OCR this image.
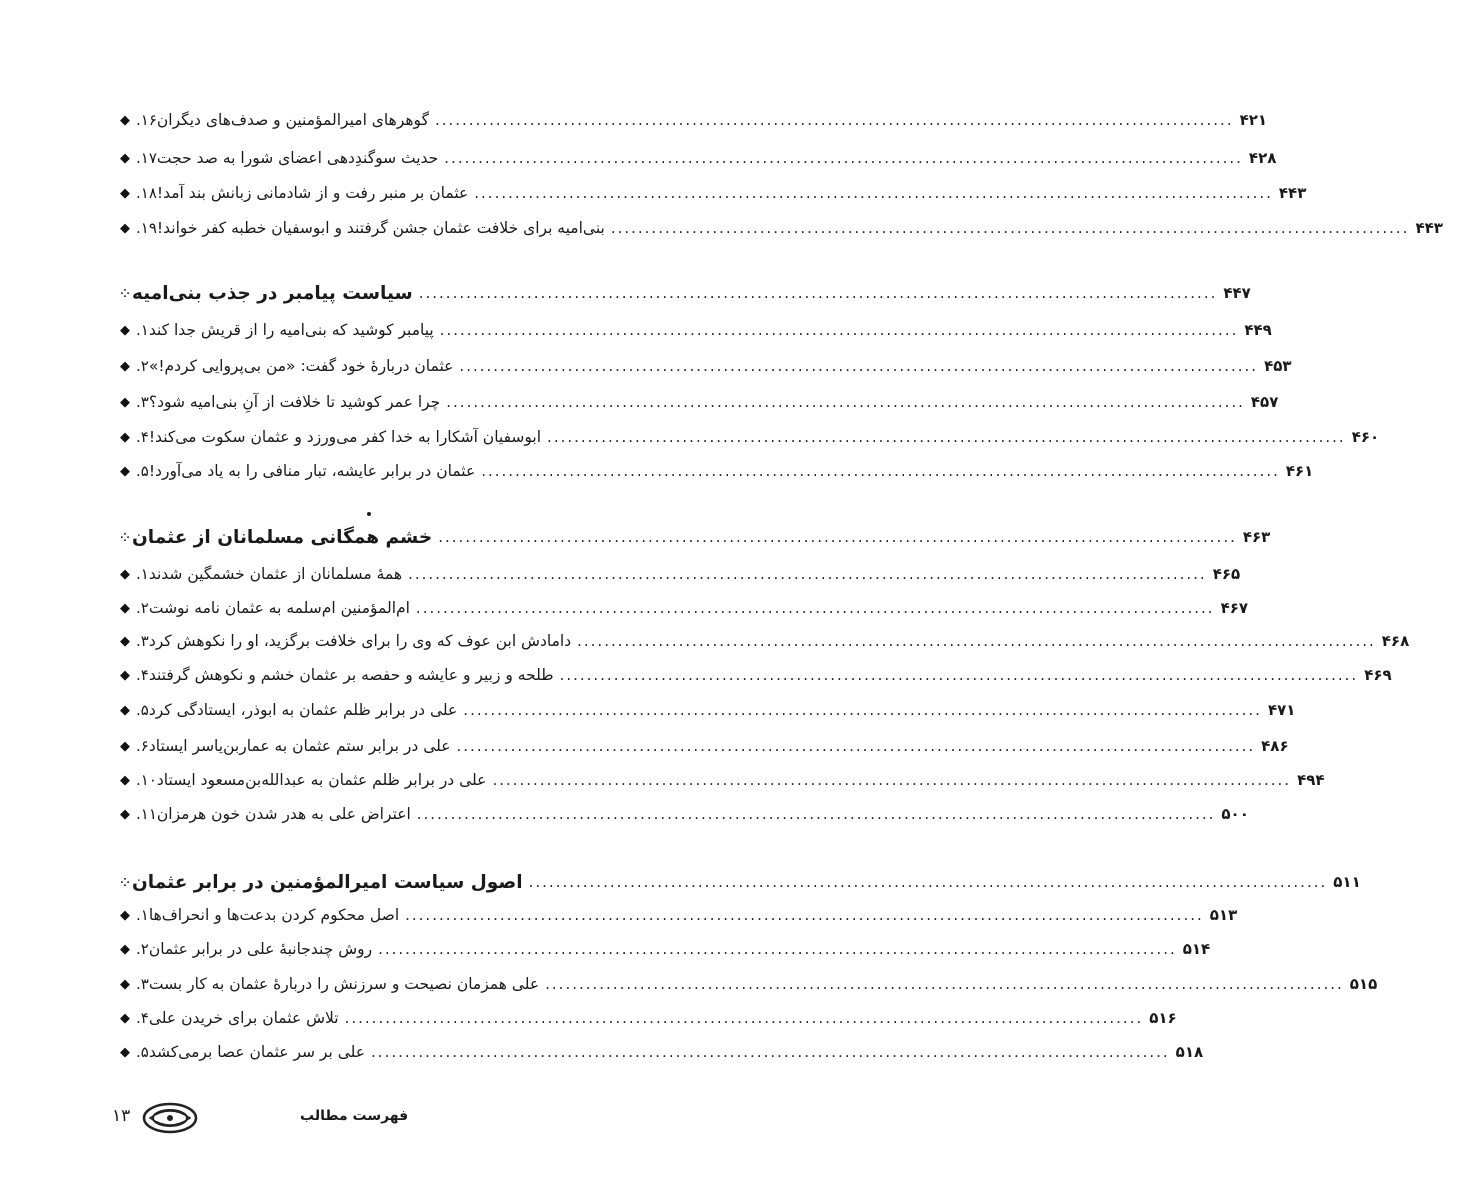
◆ ۱۶. گوهرهای امیرالمؤمنین و صدف‌های دیگران .....	۴۲۱
◆ ۱۷. حدیث سوگندِدهی اعضای شورا به صد حجت .....	۴۲۸
◆ ۱۸. عثمان بر منبر رفت و از شادمانی زبانش بند آمد! .....	۴۴۳
◆ ۱۹. بنی‌امیه برای خلافت عثمان جشن گرفتند و ابوسفیان خطبه کفر خواند! .....	۴۴۳
⁘ سیاست پیامبر در جذب بنی‌امیه .....	۴۴۷
◆ ۱. پیامبر کوشید که بنی‌امیه را از قریش جدا کند .....	۴۴۹
◆ ۲. عثمان دربارهٔ خود گفت: «من بی‌پروایی کردم!» .....	۴۵۳
◆ ۳. چرا عمر کوشید تا خلافت از آنِ بنی‌امیه شود؟ .....	۴۵۷
◆ ۴. ابوسفیان آشکارا به خدا کفر می‌ورزد و عثمان سکوت می‌کند! .....	۴۶۰
◆ ۵. عثمان در برابر عایشه، تبار منافی را به یاد می‌آورد! .....	۴۶۱
⁘ خشم همگانی مسلمانان از عثمان .....	۴۶۳
◆ ۱. همهٔ مسلمانان از عثمان خشمگین شدند .....	۴۶۵
◆ ۲. ام‌المؤمنین ام‌سلمه به عثمان نامه نوشت .....	۴۶۷
◆ ۳. دامادش ابن عوف که وی را برای خلافت برگزید، او را نکوهش کرد .....	۴۶۸
◆ ۴. طلحه و زبیر و عایشه و حفصه بر عثمان خشم و نکوهش گرفتند .....	۴۶۹
◆ ۵. علی در برابر ظلم عثمان به ابوذر، ایستادگی کرد .....	۴۷۱
◆ ۶. علی در برابر ستم عثمان به عماربن‌یاسر ایستاد .....	۴۸۶
◆ ۱۰. علی در برابر ظلم عثمان به عبدالله‌بن‌مسعود ایستاد .....	۴۹۴
◆ ۱۱. اعتراض علی به هدر شدن خون هرمزان .....	۵۰۰
⁘ اصول سیاست امیرالمؤمنین در برابر عثمان .....	۵۱۱
◆ ۱. اصل محکوم کردن بدعت‌ها و انحراف‌ها .....	۵۱۳
◆ ۲. روش چندجانبهٔ علی در برابر عثمان .....	۵۱۴
◆ ۳. علی همزمان نصیحت و سرزنش را دربارهٔ عثمان به کار بست .....	۵۱۵
◆ ۴. تلاش عثمان برای خریدن علی .....	۵۱۶
◆ ۵. علی بر سر عثمان عصا برمی‌کشد .....	۵۱۸
۱۳	فهرست مطالب
